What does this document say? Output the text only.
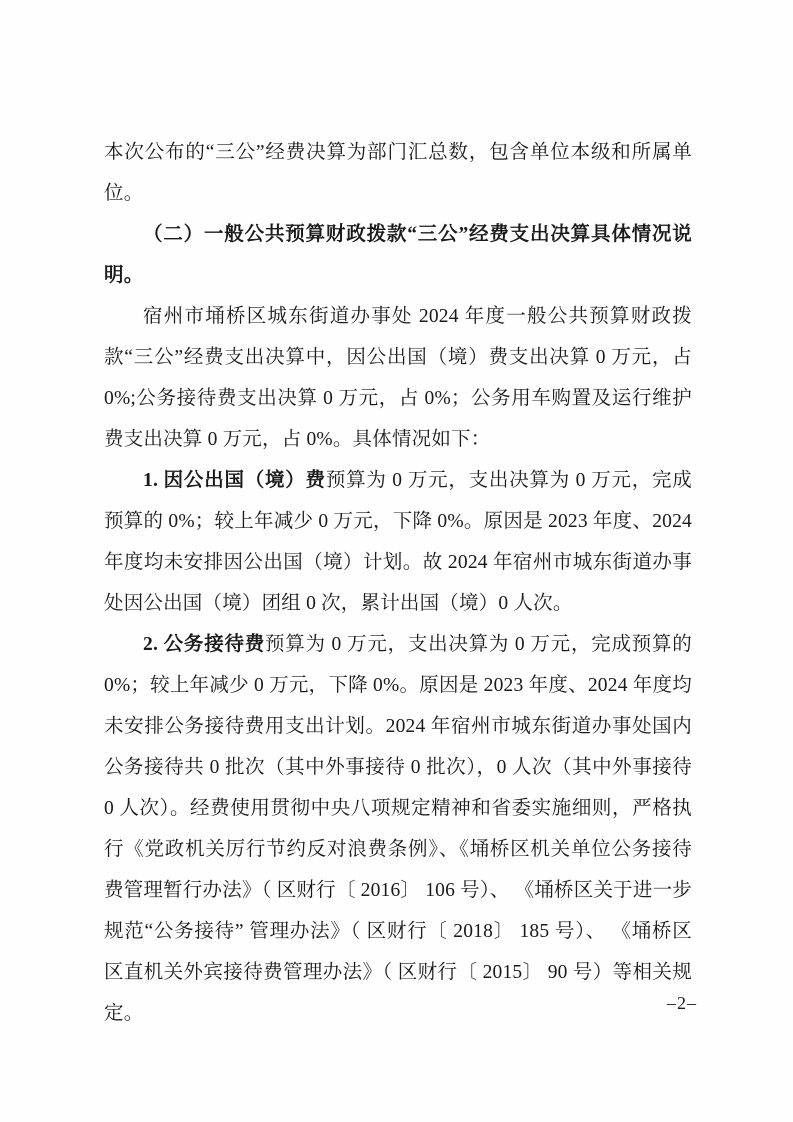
本次公布的“三公”经费决算为部门汇总数，包含单位本级和所属单位。

（二）一般公共预算财政拨款“三公”经费支出决算具体情况说明。

宿州市埇桥区城东街道办事处 2024 年度一般公共预算财政拨款“三公”经费支出决算中，因公出国（境）费支出决算 0 万元，占 0%;公务接待费支出决算 0 万元，占 0%；公务用车购置及运行维护费支出决算 0 万元，占 0%。具体情况如下：

1. 因公出国（境）费预算为 0 万元，支出决算为 0 万元，完成预算的 0%；较上年减少 0 万元，下降 0%。原因是 2023 年度、2024 年度均未安排因公出国（境）计划。故 2024 年宿州市城东街道办事处因公出国（境）团组 0 次，累计出国（境）0 人次。

2. 公务接待费预算为 0 万元，支出决算为 0 万元，完成预算的 0%；较上年减少 0 万元，下降 0%。原因是 2023 年度、2024 年度均未安排公务接待费用支出计划。2024 年宿州市城东街道办事处国内公务接待共 0 批次（其中外事接待 0 批次），0 人次（其中外事接待 0 人次）。经费使用贯彻中央八项规定精神和省委实施细则，严格执行《党政机关厉行节约反对浪费条例》、《埇桥区机关单位公务接待费管理暂行办法》（ 区财行〔 2016〕 106 号）、 《埇桥区关于进一步规范“公务接待” 管理办法》（ 区财行〔 2018〕 185 号）、 《埇桥区区直机关外宾接待费管理办法》（ 区财行〔 2015〕 90 号）等相关规定。	–2–
